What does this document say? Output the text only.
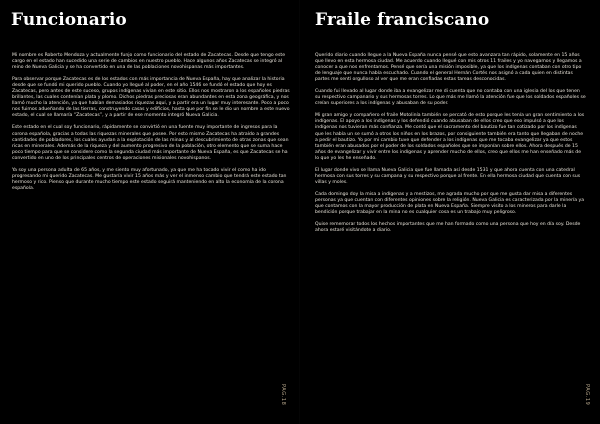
Funcionario

Mi nombre es Roberto Mendoza y actualmente funjo como funcionario del estado de Zacatecas. Desde que tengo este cargo en el estado han sucedido una serie de cambios en nuestro pueblo. Hace algunos años Zacatecas se integró al reino de Nueva Galicia y se ha convertido en una de las poblaciones novohispanas más importantes.

Para observar porque Zacatecas es de los estados con más importancia de Nueva España, hay que analizar la historia desde que se fundó mi querido pueblo. Cuando yo llegué al poder, en el año 1546 se fundó el estado que hoy es Zacatecas, pero antes de este suceso, grupos indígenas vivían en este sitio. Ellos nos mostraron a los españoles piedras brillantes, las cuales contenían plata y plomo. Dichos piedras preciosas eran abundantes en esta zona geográfica, y nos llamó mucho la atención, ya que habían demasiados riquezas aquí, y a partir era un lugar muy interesante. Poco a poco nos fuimos adueñando de las tierras, construyendo casas y edificios, hasta que por fin se le dio un nombre a este nuevo estado, el cual se llamaría “Zacatecas”, y a partir de ese momento integró Nueva Galicia.

Este estado en el cual soy funcionario, rápidamente se convirtió en una fuente muy importante de ingresos para la corona española, gracias a todas las riquezas minerales que posee. Por esto mismo Zacatecas ha atraído a grandes cantidades de pobladores, los cuales ayudan a la explotación de las minas y al descubrimiento de otras zonas que sean ricas en minerales. Además de la riqueza y del aumento progresivo de la población, otro elemento que se suma hace poco tiempo para que se considere como la segunda ciudad más importante de Nueva España, es que Zacatecas se ha convertido en uno de los principales centros de operaciones misionales novohispanos.

Ya soy una persona adulta de 65 años, y me siento muy afortunado, ya que me ha tocado vivir el como ha ido progresando mi querido Zacatecas. Me gustaría vivir 15 años más y ver el inmenso cambio que tendrá este estado tan hermoso y rico. Pienso que durante mucho tiempo este estado seguirá manteniendo en alto la economía de la corona española.

PAG.18
Fraile franciscano

Querido diario cuando llegue a la Nueva España nunca pensé que esto avanzara tan rápido, solamente en 15 años que llevo en esta hermosa ciudad. Me acuerdo cuando llegué con mis otros 11 frailes y yo navegamos y llegamos a conocer a que nos enfrentamos. Pensé que sería una misión imposible, ya que los indígenas contaban con otro tipo de lenguaje que nunca había escuchado. Cuando el general Hernán Cortés nos asignó a cada quien en distintas partes me sentí orgulloso al ver que me eran confiadas estas tareas desconocidas.

Cuando fui llevado al lugar donde iba a evangelizar me di cuenta que no contaba con una iglesia del los que tenen su respectivo campanario y sus hermosas torres. Lo que más me llamó la atención fue que los soldados españoles se creían superiores a los indígenas y abusaban de su poder.

Mi gran amigo y compañero el fraile Motolinía también se percató de esto porque les tenía un gran sentimiento a los indígenas. El apoyo a los indígenas y los defendió cuando abusaban de ellos creo que eso impulsó a que los indígenas nos tuvieran más confianza. Me contó que el sacramento del bautizo fue tan cotizado por los indígenas que les había un se sumó a otros los niños en los brazos, por consiguiente también era tanto que llegaban de noche a pedir el bautizo. Yo por mi cambio tuve que defender a los indígenas que me tocaba evangelizar ya que estos también eran abusados por el poder de los soldados españoles que se imponían sobre ellos. Ahora después de 15 años de evangelizar y vivir entre los indígenas y aprender mucho de ellos, creo que ellos me han enseñado más de lo que yo les he enseñado.

El lugar donde vivo se llama Nueva Galicia que fue llamada así desde 1531 y que ahora cuenta con una catedral hermosa con sus torres y su campana y su respectivo porque al frente. En ella hermosa ciudad que cuenta con sus villas y moles.

Cada domingo doy la misa a indígenas y a mestizos, me agrada mucho por que me gusta dar misa a diferentes personas ya que cuentan con diferentes opiniones sobre la religión. Nueva Galicia es caracterizada por la minería ya que contamos con la mayor producción de plata en Nueva España. Siempre visito a los mineros para darle la bendición porque trabajar en la mina no es cualquier cosa es un trabajo muy peligroso.

Quise rememorar todos los hechos importantes que me han formado como una persona que hoy en día soy. Desde ahora estaré visitándote a diario.

PAG.19
